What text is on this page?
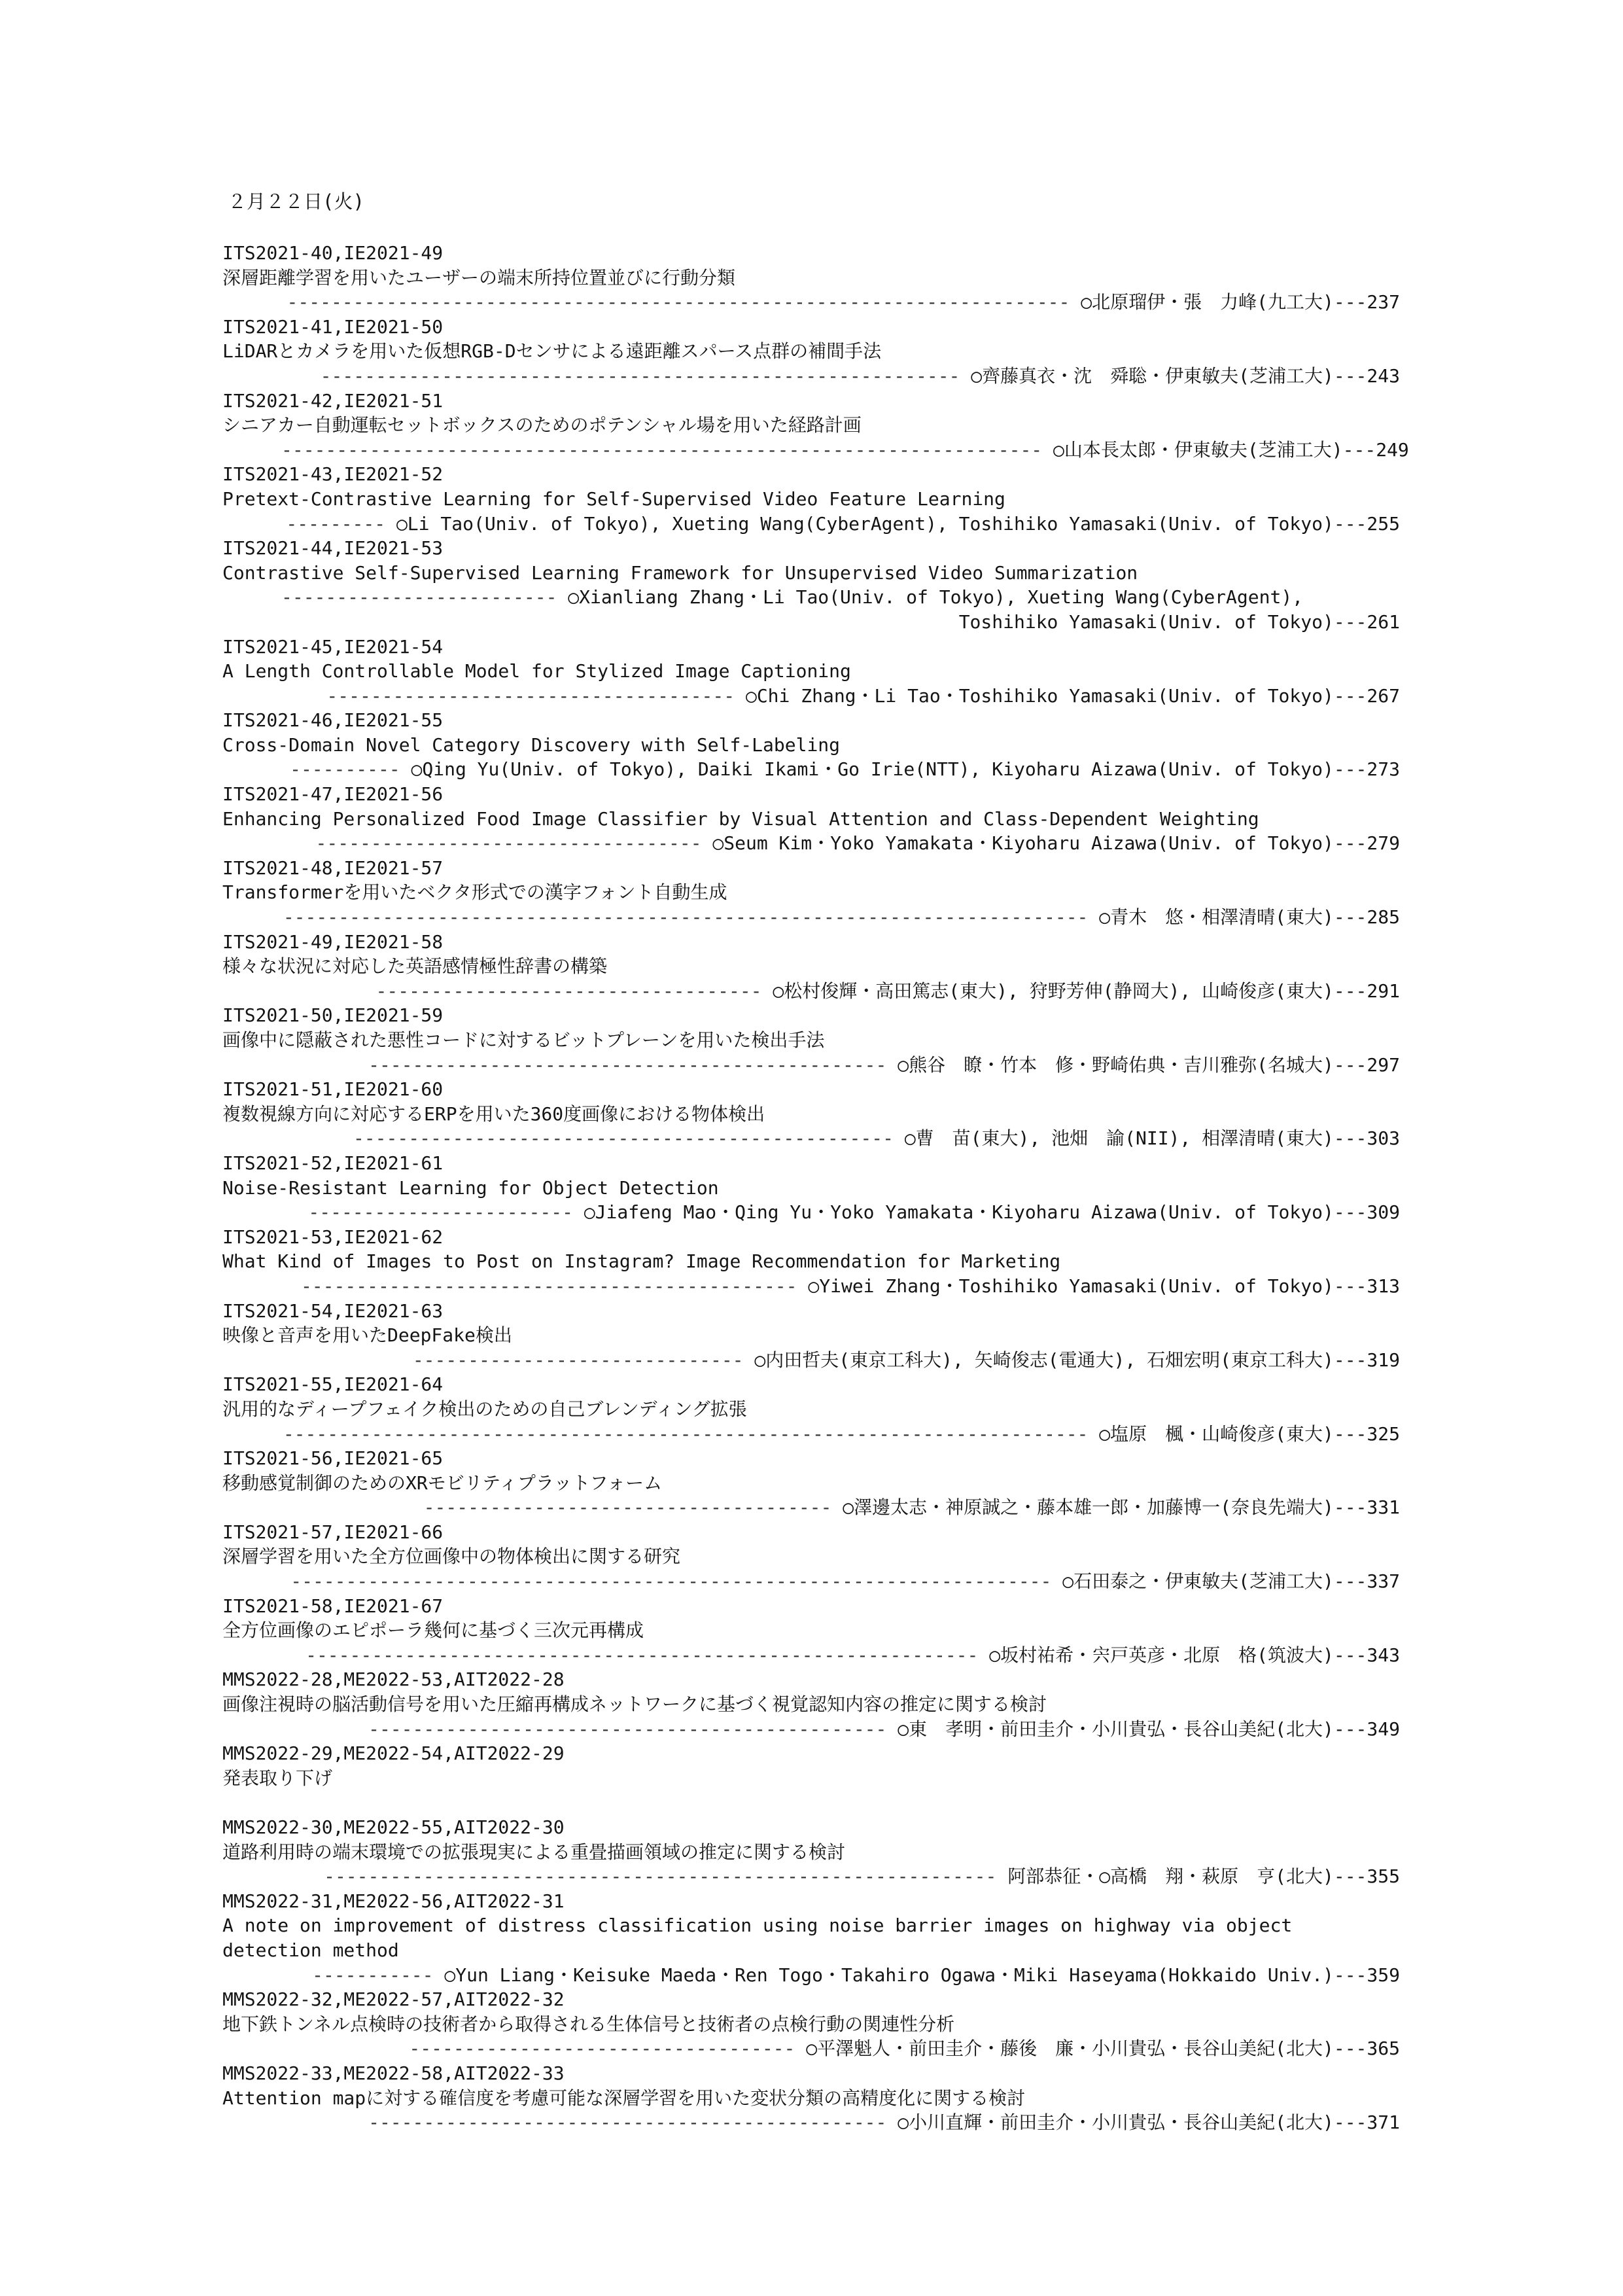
２月２２日(火)
ITS2021-40,IE2021-49
深層距離学習を用いたユーザーの端末所持位置並びに行動分類
----------------------------------------------------------------------- ○北原瑠伊・張　力峰(九工大)---237
ITS2021-41,IE2021-50
LiDARとカメラを用いた仮想RGB-Dセンサによる遠距離スパース点群の補間手法
---------------------------------------------------------- ○齊藤真衣・沈　舜聡・伊東敏夫(芝浦工大)---243
ITS2021-42,IE2021-51
シニアカー自動運転セットボックスのためのポテンシャル場を用いた経路計画
--------------------------------------------------------------------- ○山本長太郎・伊東敏夫(芝浦工大)---249
ITS2021-43,IE2021-52
Pretext-Contrastive Learning for Self-Supervised Video Feature Learning
--------- ○Li Tao(Univ. of Tokyo), Xueting Wang(CyberAgent), Toshihiko Yamasaki(Univ. of Tokyo)---255
ITS2021-44,IE2021-53
Contrastive Self-Supervised Learning Framework for Unsupervised Video Summarization
------------------------- ○Xianliang Zhang・Li Tao(Univ. of Tokyo), Xueting Wang(CyberAgent),
Toshihiko Yamasaki(Univ. of Tokyo)---261
ITS2021-45,IE2021-54
A Length Controllable Model for Stylized Image Captioning
------------------------------------- ○Chi Zhang・Li Tao・Toshihiko Yamasaki(Univ. of Tokyo)---267
ITS2021-46,IE2021-55
Cross-Domain Novel Category Discovery with Self-Labeling
---------- ○Qing Yu(Univ. of Tokyo), Daiki Ikami・Go Irie(NTT), Kiyoharu Aizawa(Univ. of Tokyo)---273
ITS2021-47,IE2021-56
Enhancing Personalized Food Image Classifier by Visual Attention and Class-Dependent Weighting
----------------------------------- ○Seum Kim・Yoko Yamakata・Kiyoharu Aizawa(Univ. of Tokyo)---279
ITS2021-48,IE2021-57
Transformerを用いたベクタ形式での漢字フォント自動生成
------------------------------------------------------------------------- ○青木　悠・相澤清晴(東大)---285
ITS2021-49,IE2021-58
様々な状況に対応した英語感情極性辞書の構築
----------------------------------- ○松村俊輝・高田篤志(東大), 狩野芳伸(静岡大), 山崎俊彦(東大)---291
ITS2021-50,IE2021-59
画像中に隠蔽された悪性コードに対するビットプレーンを用いた検出手法
----------------------------------------------- ○熊谷　瞭・竹本　修・野崎佑典・吉川雅弥(名城大)---297
ITS2021-51,IE2021-60
複数視線方向に対応するERPを用いた360度画像における物体検出
------------------------------------------------- ○曹　苗(東大), 池畑　諭(NII), 相澤清晴(東大)---303
ITS2021-52,IE2021-61
Noise-Resistant Learning for Object Detection
------------------------ ○Jiafeng Mao・Qing Yu・Yoko Yamakata・Kiyoharu Aizawa(Univ. of Tokyo)---309
ITS2021-53,IE2021-62
What Kind of Images to Post on Instagram? Image Recommendation for Marketing
--------------------------------------------- ○Yiwei Zhang・Toshihiko Yamasaki(Univ. of Tokyo)---313
ITS2021-54,IE2021-63
映像と音声を用いたDeepFake検出
------------------------------ ○内田哲夫(東京工科大), 矢崎俊志(電通大), 石畑宏明(東京工科大)---319
ITS2021-55,IE2021-64
汎用的なディープフェイク検出のための自己ブレンディング拡張
------------------------------------------------------------------------- ○塩原　楓・山崎俊彦(東大)---325
ITS2021-56,IE2021-65
移動感覚制御のためのXRモビリティプラットフォーム
------------------------------------- ○澤邊太志・神原誠之・藤本雄一郎・加藤博一(奈良先端大)---331
ITS2021-57,IE2021-66
深層学習を用いた全方位画像中の物体検出に関する研究
--------------------------------------------------------------------- ○石田泰之・伊東敏夫(芝浦工大)---337
ITS2021-58,IE2021-67
全方位画像のエピポーラ幾何に基づく三次元再構成
------------------------------------------------------------- ○坂村祐希・宍戸英彦・北原　格(筑波大)---343
MMS2022-28,ME2022-53,AIT2022-28
画像注視時の脳活動信号を用いた圧縮再構成ネットワークに基づく視覚認知内容の推定に関する検討
----------------------------------------------- ○東　孝明・前田圭介・小川貴弘・長谷山美紀(北大)---349
MMS2022-29,ME2022-54,AIT2022-29
発表取り下げ
MMS2022-30,ME2022-55,AIT2022-30
道路利用時の端末環境での拡張現実による重畳描画領域の推定に関する検討
------------------------------------------------------------- 阿部恭征・○高橋　翔・萩原　亨(北大)---355
MMS2022-31,ME2022-56,AIT2022-31
A note on improvement of distress classification using noise barrier images on highway via object
detection method
----------- ○Yun Liang・Keisuke Maeda・Ren Togo・Takahiro Ogawa・Miki Haseyama(Hokkaido Univ.)---359
MMS2022-32,ME2022-57,AIT2022-32
地下鉄トンネル点検時の技術者から取得される生体信号と技術者の点検行動の関連性分析
----------------------------------- ○平澤魁人・前田圭介・藤後　廉・小川貴弘・長谷山美紀(北大)---365
MMS2022-33,ME2022-58,AIT2022-33
Attention mapに対する確信度を考慮可能な深層学習を用いた変状分類の高精度化に関する検討
----------------------------------------------- ○小川直輝・前田圭介・小川貴弘・長谷山美紀(北大)---371
